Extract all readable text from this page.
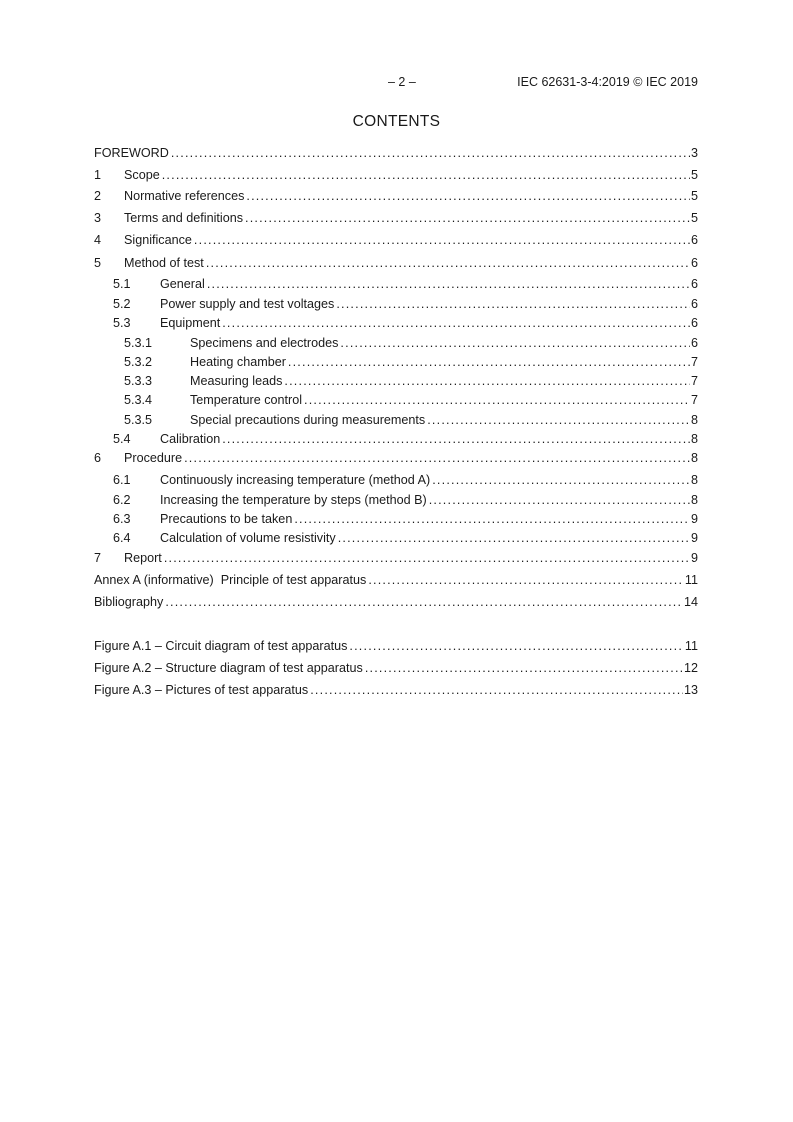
– 2 –	IEC 62631-3-4:2019 © IEC 2019
CONTENTS
FOREWORD .....	3
1	Scope .....	5
2	Normative references .....	5
3	Terms and definitions .....	5
4	Significance .....	6
5	Method of test .....	6
5.1	General .....	6
5.2	Power supply and test voltages .....	6
5.3	Equipment .....	6
5.3.1	Specimens and electrodes .....	6
5.3.2	Heating chamber .....	7
5.3.3	Measuring leads .....	7
5.3.4	Temperature control .....	7
5.3.5	Special precautions during measurements .....	8
5.4	Calibration .....	8
6	Procedure .....	8
6.1	Continuously increasing temperature (method A) .....	8
6.2	Increasing the temperature by steps (method B) .....	8
6.3	Precautions to be taken .....	9
6.4	Calculation of volume resistivity .....	9
7	Report .....	9
Annex A (informative)  Principle of test apparatus .....	11
Bibliography .....	14
Figure A.1 – Circuit diagram of test apparatus .....	11
Figure A.2 – Structure diagram of test apparatus .....	12
Figure A.3 – Pictures of test apparatus .....	13
